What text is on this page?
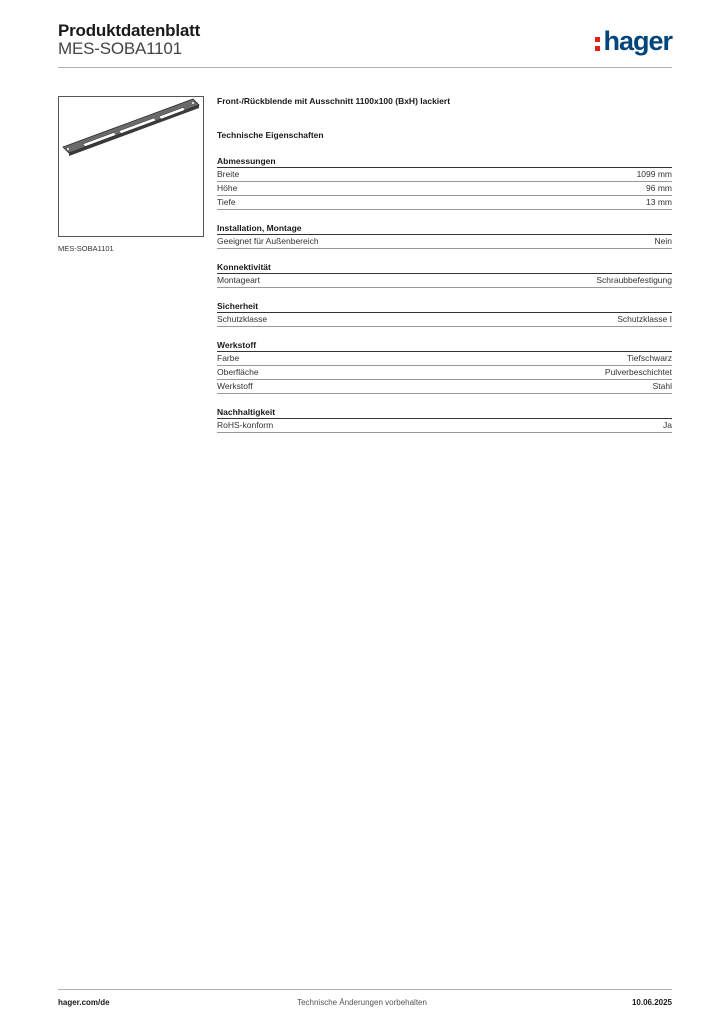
Produktdatenblatt
MES-SOBA1101	hager
MES-SOBA1101
Front-/Rückblende mit Ausschnitt 1100x100 (BxH) lackiert
Technische Eigenschaften
Abmessungen
Breite	1099 mm
Höhe	96 mm
Tiefe	13 mm
Installation, Montage
Geeignet für Außenbereich	Nein
Konnektivität
Montageart	Schraubbefestigung
Sicherheit
Schutzklasse	Schutzklasse I
Werkstoff
Farbe	Tiefschwarz
Oberfläche	Pulverbeschichtet
Werkstoff	Stahl
Nachhaltigkeit
RoHS-konform	Ja
hager.com/de	Technische Änderungen vorbehalten	10.06.2025
